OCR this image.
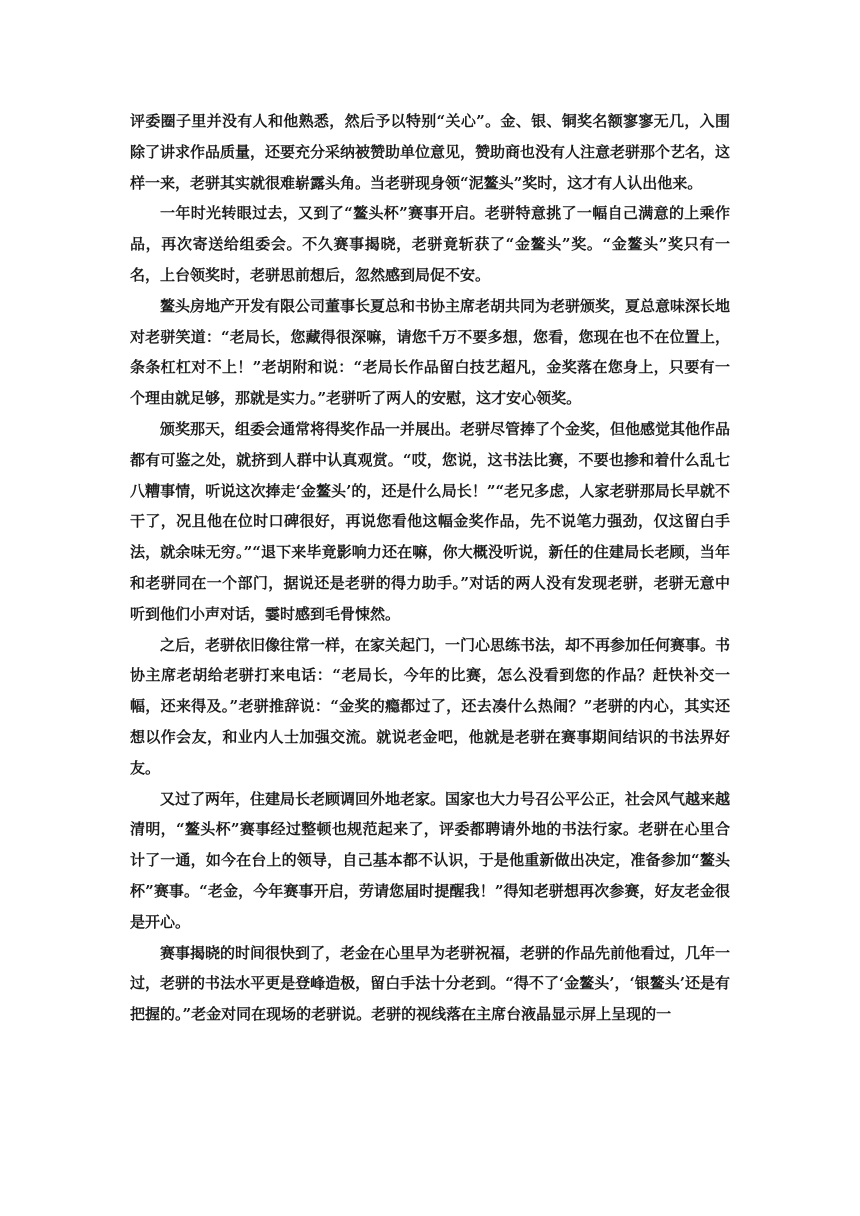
评委圈子里并没有人和他熟悉，然后予以特别“关心”。金、银、铜奖名额寥寥无几，入围除了讲求作品质量，还要充分采纳被赞助单位意见，赞助商也没有人注意老骈那个艺名，这样一来，老骈其实就很难崭露头角。当老骈现身领“泥鳌头”奖时，这才有人认出他来。

一年时光转眼过去，又到了“鳌头杯”赛事开启。老骈特意挑了一幅自己满意的上乘作品，再次寄送给组委会。不久赛事揭晓，老骈竟斩获了“金鳌头”奖。“金鳌头”奖只有一名，上台领奖时，老骈思前想后，忽然感到局促不安。

鳌头房地产开发有限公司董事长夏总和书协主席老胡共同为老骈颁奖，夏总意味深长地对老骈笑道：“老局长，您藏得很深嘛，请您千万不要多想，您看，您现在也不在位置上，条条杠杠对不上！”老胡附和说：“老局长作品留白技艺超凡，金奖落在您身上，只要有一个理由就足够，那就是实力。”老骈听了两人的安慰，这才安心领奖。

颁奖那天，组委会通常将得奖作品一并展出。老骈尽管捧了个金奖，但他感觉其他作品都有可鉴之处，就挤到人群中认真观赏。“哎，您说，这书法比赛，不要也掺和着什么乱七八糟事情，听说这次捧走‘金鳌头’的，还是什么局长！”“老兄多虑，人家老骈那局长早就不干了，况且他在位时口碑很好，再说您看他这幅金奖作品，先不说笔力强劲，仅这留白手法，就余味无穷。”“退下来毕竟影响力还在嘛，你大概没听说，新任的住建局长老顾，当年和老骈同在一个部门，据说还是老骈的得力助手。”对话的两人没有发现老骈，老骈无意中听到他们小声对话，霎时感到毛骨悚然。

之后，老骈依旧像往常一样，在家关起门，一门心思练书法，却不再参加任何赛事。书协主席老胡给老骈打来电话：“老局长，今年的比赛，怎么没看到您的作品？赶快补交一幅，还来得及。”老骈推辞说：“金奖的瘾都过了，还去凑什么热闹？”老骈的内心，其实还想以作会友，和业内人士加强交流。就说老金吧，他就是老骈在赛事期间结识的书法界好友。

又过了两年，住建局长老顾调回外地老家。国家也大力号召公平公正，社会风气越来越清明，“鳌头杯”赛事经过整顿也规范起来了，评委都聘请外地的书法行家。老骈在心里合计了一通，如今在台上的领导，自己基本都不认识，于是他重新做出决定，准备参加“鳌头杯”赛事。“老金，今年赛事开启，劳请您届时提醒我！”得知老骈想再次参赛，好友老金很是开心。

赛事揭晓的时间很快到了，老金在心里早为老骈祝福，老骈的作品先前他看过，几年一过，老骈的书法水平更是登峰造极，留白手法十分老到。“得不了‘金鳌头’，‘银鳌头’还是有把握的。”老金对同在现场的老骈说。老骈的视线落在主席台液晶显示屏上呈现的一
